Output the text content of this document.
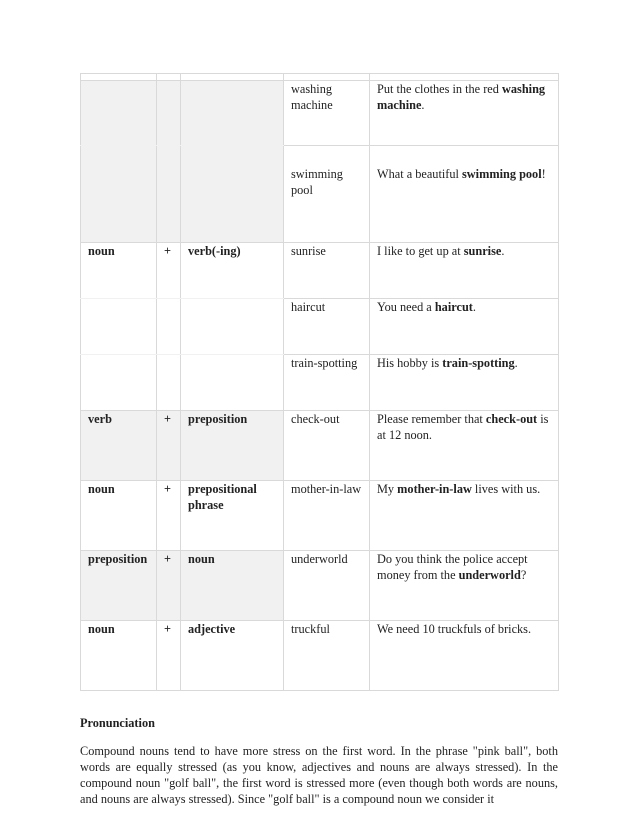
			washing machine	Put the clothes in the red washing machine.
			swimming pool	What a beautiful swimming pool!
noun	+	verb(-ing)	sunrise	I like to get up at sunrise.
			haircut	You need a haircut.
			train-spotting	His hobby is train-spotting.
verb	+	preposition	check-out	Please remember that check-out is at 12 noon.
noun	+	prepositional phrase	mother-in-law	My mother-in-law lives with us.
preposition	+	noun	underworld	Do you think the police accept money from the underworld?
noun	+	adjective	truckful	We need 10 truckfuls of bricks.
Pronunciation
Compound nouns tend to have more stress on the first word. In the phrase "pink ball", both words are equally stressed (as you know, adjectives and nouns are always stressed). In the compound noun "golf ball", the first word is stressed more (even though both words are nouns, and nouns are always stressed). Since "golf ball" is a compound noun we consider it
